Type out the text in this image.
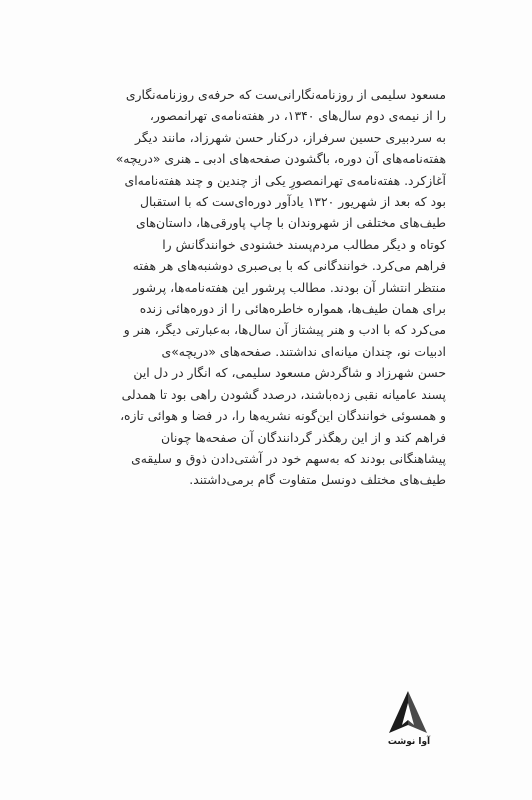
مسعود سلیمی از روزنامه‌نگارانی‌ست که حرفه‌ی روزنامه‌نگاری
را از نیمه‌ی دوم سال‌های ۱۳۴۰، در هفته‌نامه‌ی تهرانمصور،
به سردبیری حسین سرفراز، درکنار حسن شهرزاد، مانند دیگر
هفته‌نامه‌های آن دوره، باگشودن صفحه‌های ادبی ـ هنری «دریچه»
آغازکرد. هفته‌نامه‌ی تهرانمصورِ یکی از چندین و چند هفته‌نامه‌ای
بود که بعد از شهریور ۱۳۲۰ یادآور دوره‌ای‌ست که با استقبال
طیف‌های مختلفی از شهروندان با چاپ پاورقی‌ها، داستان‌های
کوتاه و دیگر مطالب مردم‌پسند خشنودی خوانندگانش را
فراهم می‌کرد. خوانندگانی که با بی‌صبری دوشنبه‌های هر هفته
منتظر انتشار آن بودند. مطالب پرشور این هفته‌نامه‌ها، پرشور
برای همان طیف‌ها، همواره خاطره‌هائی را از دوره‌هائی زنده
می‌کرد که با ادب و هنر پیشتاز آن سال‌ها، به‌عبارتی دیگر، هنر و
ادبیات نو، چندان میانه‌ای نداشتند. صفحه‌های «دریچه»ی
حسن شهرزاد و شاگردش مسعود سلیمی، که انگار در دل این
پسند عامیانه نقبی زده‌باشند، درصدد گشودن راهی بود تا همدلی
و همسوئی خوانندگان این‌گونه نشریه‌ها را، در فضا و هوائی تازه،
فراهم کند و از این رهگذر گردانندگان آن صفحه‌ها چونان
پیشاهنگانی بودند که به‌سهم خود در آشتی‌دادن ذوق و سلیقه‌ی
طیف‌های مختلف دونسل متفاوت گام برمی‌داشتند.
آوا نوشت
